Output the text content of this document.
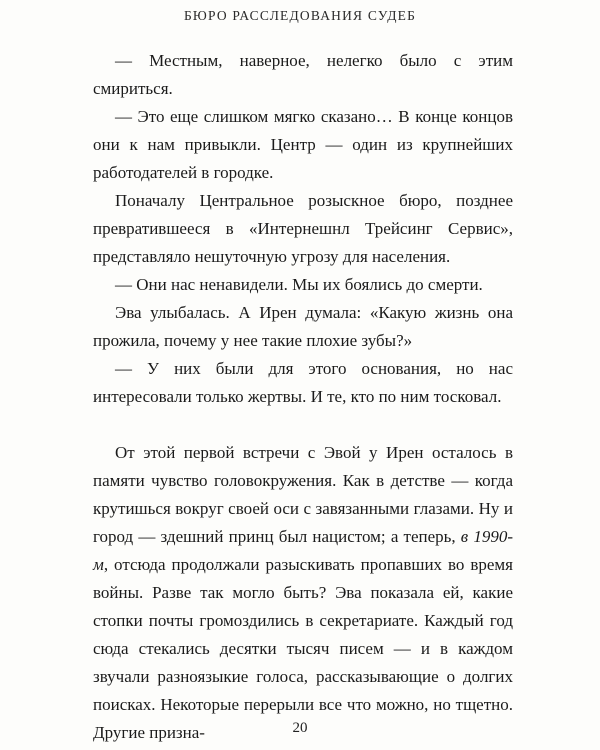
БЮРО РАССЛЕДОВАНИЯ СУДЕБ

— Местным, наверное, нелегко было с этим смириться.

— Это еще слишком мягко сказано… В конце концов они к нам привыкли. Центр — один из крупнейших работодателей в городке.

Поначалу Центральное розыскное бюро, позднее превратившееся в «Интернешнл Трейсинг Сервис», представляло нешуточную угрозу для населения.

— Они нас ненавидели. Мы их боялись до смерти.

Эва улыбалась. А Ирен думала: «Какую жизнь она прожила, почему у нее такие плохие зубы?»

— У них были для этого основания, но нас интересовали только жертвы. И те, кто по ним тосковал.

От этой первой встречи с Эвой у Ирен осталось в памяти чувство головокружения. Как в детстве — когда крутишься вокруг своей оси с завязанными глазами. Ну и город — здешний принц был нацистом; а теперь, в 1990-м, отсюда продолжали разыскивать пропавших во время войны. Разве так могло быть? Эва показала ей, какие стопки почты громоздились в секретариате. Каждый год сюда стекались десятки тысяч писем — и в каждом звучали разноязыкие голоса, рассказывающие о долгих поисках. Некоторые перерыли все что можно, но тщетно. Другие призна-	20
